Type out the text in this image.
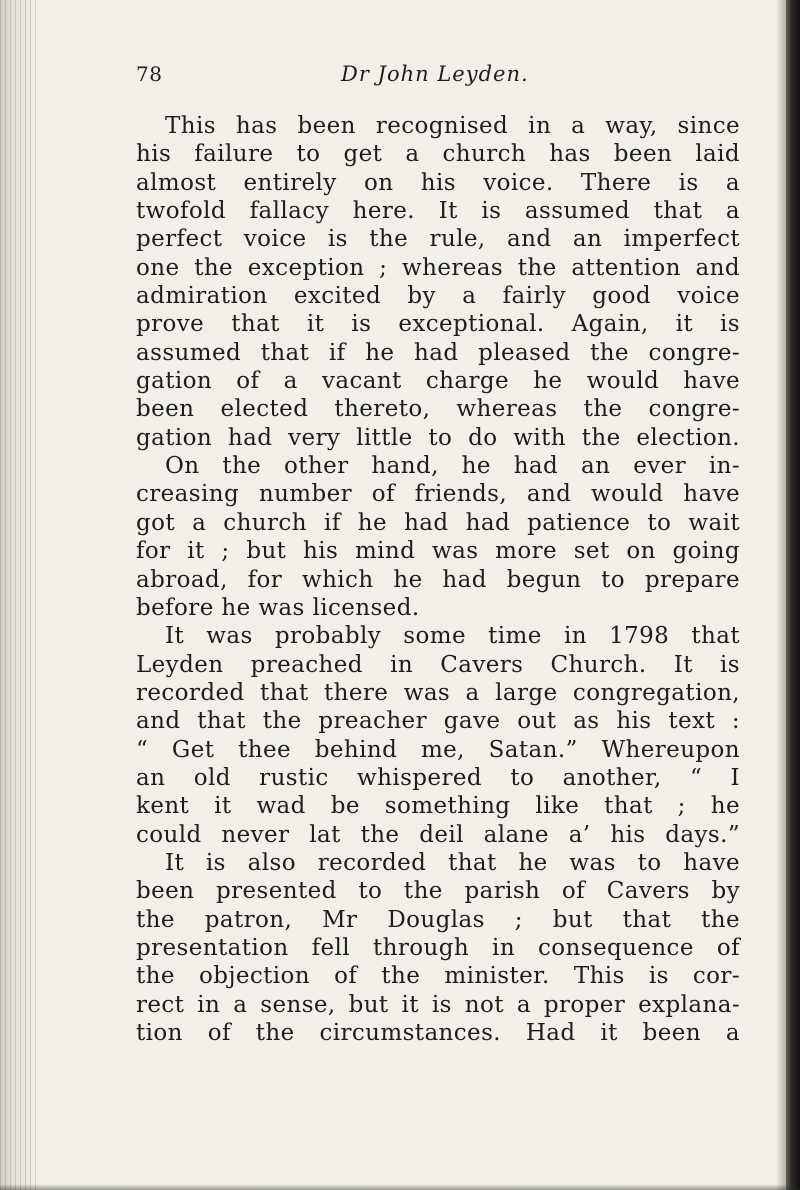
78	Dr John Leyden.
This has been recognised in a way, since
his failure to get a church has been laid
almost entirely on his voice. There is a
twofold fallacy here. It is assumed that a
perfect voice is the rule, and an imperfect
one the exception ; whereas the attention and
admiration excited by a fairly good voice
prove that it is exceptional. Again, it is
assumed that if he had pleased the congre-
gation of a vacant charge he would have
been elected thereto, whereas the congre-
gation had very little to do with the election.
On the other hand, he had an ever in-
creasing number of friends, and would have
got a church if he had had patience to wait
for it ; but his mind was more set on going
abroad, for which he had begun to prepare
before he was licensed.
It was probably some time in 1798 that
Leyden preached in Cavers Church. It is
recorded that there was a large congregation,
and that the preacher gave out as his text :
“ Get thee behind me, Satan.” Whereupon
an old rustic whispered to another, “ I
kent it wad be something like that ; he
could never lat the deil alane a’ his days.”
It is also recorded that he was to have
been presented to the parish of Cavers by
the patron, Mr Douglas ; but that the
presentation fell through in consequence of
the objection of the minister. This is cor-
rect in a sense, but it is not a proper explana-
tion of the circumstances. Had it been a
